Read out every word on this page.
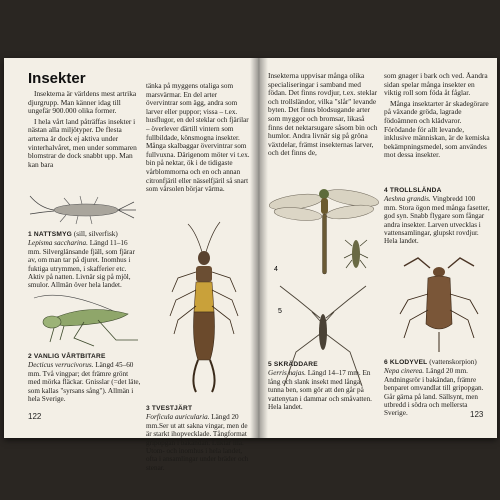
Insekter

Insekterna är världens mest artrika djurgrupp. Man känner idag till ungefär 900.000 olika former.

I hela vårt land påträffas insekter i nästan alla miljötyper. De flesta arterna är dock ej aktiva under vinterhalvåret, men under sommaren blomstrar de dock snabbt upp. Man kan bara

tänka på myggens otaliga som marsvärmar. En del arter övervintrar som ägg, andra som larver eller puppor; vissa – t.ex. husflugor, en del steklar och fjärilar – överlever därtill vintern som fullbildade, könsmogna insekter. Många skalbaggar övervintrar som fullvuxna. Därigenom möter vi t.ex. bin på nektar, ök i de tidigaste vårblommorna och en och annan citronfjäril eller nässelfjäril så snart som vårsolen börjar värma.

1 NATTSMYG (sill, silverfisk) Lepisma saccharina. Längd 11–16 mm. Silverglänsande fjäll, som fjärar av, om man tar på djuret. Inomhus i fuktiga utrymmen, i skafferier etc. Aktiv på natten. Livnär sig på mjöl, smulor. Allmän över hela landet.
2 VANLIG VÅRTBITARE
Decticus verrucivorus. Längd 45–60 mm. Två vingpar; det främre grönt med mörka fläckar. Gnisslar (=det läte, som kallas "syrsans sång"). Allmän i hela Sverige.
3 TVESTJÄRT
Forficula auricularia. Längd 20 mm.Ser ut att sakna vingar, men de är starkt ihopvecklade. Tångformat gripорgan i bakändan. Luktar illa. Utom- och inomhus i hela landet, ofta i ansamlingar under bräder och stenar.
122

Insekterna uppvisar många olika specialiseringar i samband med födan. Det finns rovdjur, t.ex. steklar och trollsländor, vilka "slår" levande byten. Det finns blodsugande arter som myggor och bromsar, likaså finns det nektarsugare såsom bin och humlor. Andra livnär sig på gröna växtdelar, främst insekternas larver, och det finns de,

som gnager i bark och ved. Åandra sidan spelar många insekter en viktig roll som föda åt fåglar.

Många insektarter är skadegörare på växande gröda, lagrade födoämnen och klädvaror. Förödande för allt levande, inklusive människan, är de kemiska bekämpningsmedel, som användes mot dessa insekter.

4
5
5 SKRÄDDARE
Gerris najas. Längd 14–17 mm. En lång och slank insekt med långa, tunna ben, som gör att den går på vattenytan i dammar och småvatten. Hela landet.
4 TROLLSLÄNDA
Aeshna grandis. Vingbredd 100 mm. Stora ögon med många fasetter, god syn. Snabb flygare som fångar andra insekter. Larven utvecklas i vattensamlingar, glupskt rovdjur. Hela landet.
6 KLODYVEL (vattenskorpion)
Nepa cinerea. Längd 20 mm. Andningsrör i bakändan, främre benparet omvandlat till gripорgan. Går gärna på land. Sällsynt, men utbredd i södra och mellersta Sverige.	123
